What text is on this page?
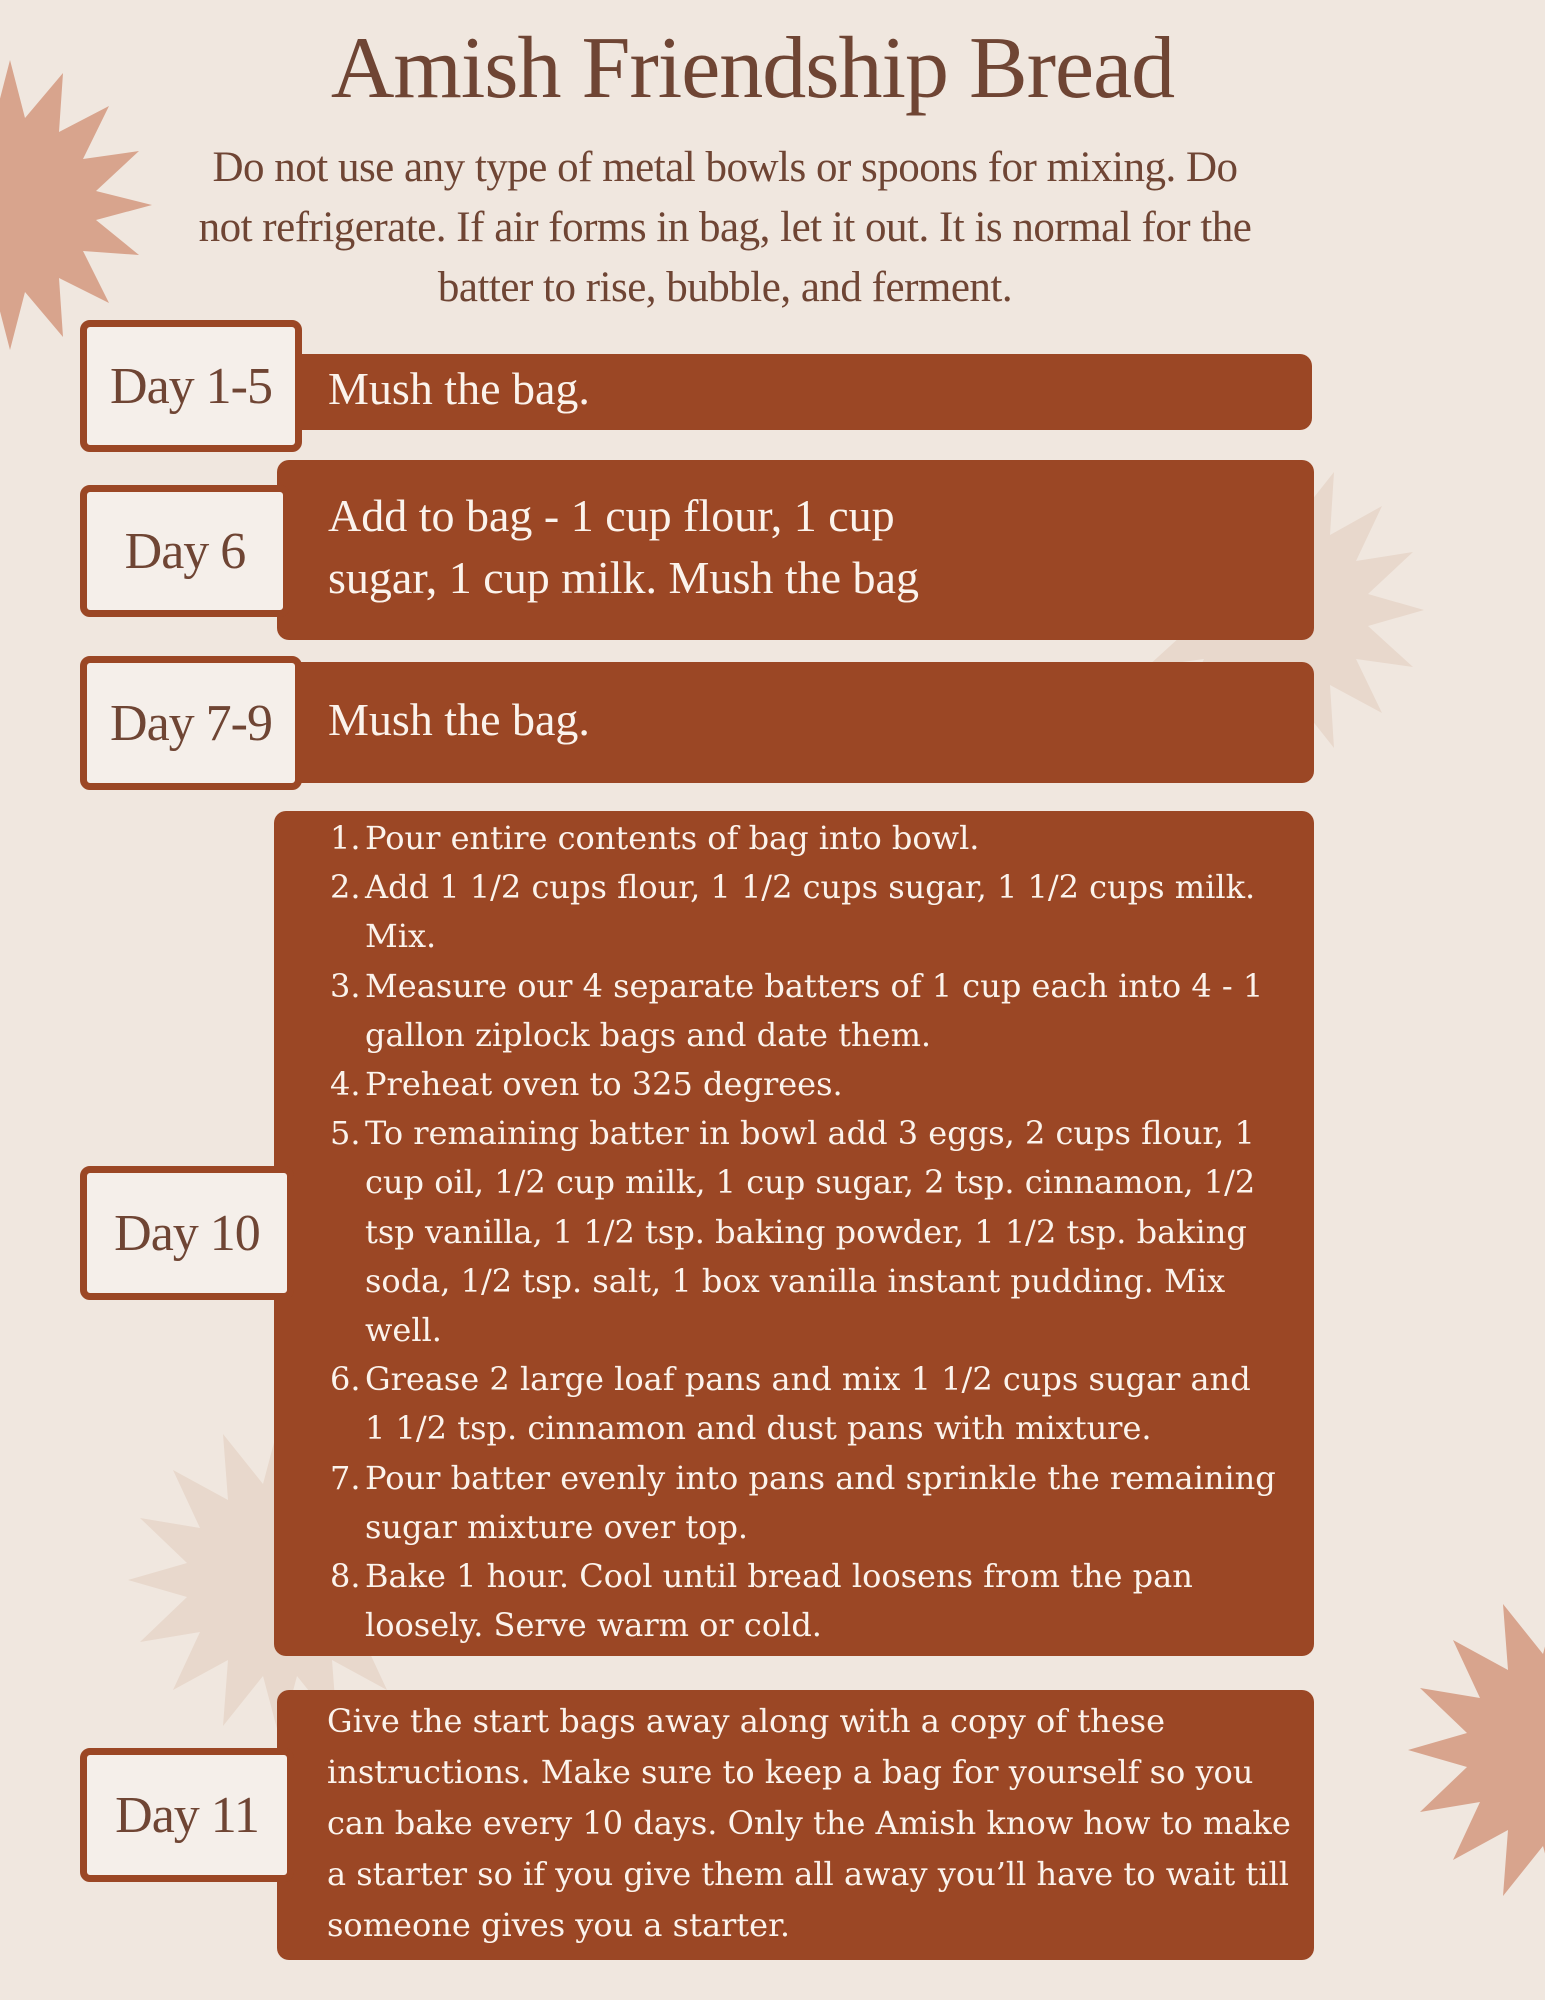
Amish Friendship Bread

Do not use any type of metal bowls or spoons for mixing. Do not refrigerate. If air forms in bag, let it out. It is normal for the batter to rise, bubble, and ferment.

Mush the bag.
Day 1-5
Add to bag - 1 cup flour, 1 cup
sugar, 1 cup milk. Mush the bag
Day 6
Mush the bag.
Day 7-9
1. Pour entire contents of bag into bowl.
2. Add 1 1/2 cups flour, 1 1/2 cups sugar, 1 1/2 cups milk. Mix.
3. Measure our 4 separate batters of 1 cup each into 4 - 1 gallon ziplock bags and date them.
4. Preheat oven to 325 degrees.
5. To remaining batter in bowl add 3 eggs, 2 cups flour, 1 cup oil, 1/2 cup milk, 1 cup sugar, 2 tsp. cinnamon, 1/2 tsp vanilla, 1 1/2 tsp. baking powder, 1 1/2 tsp. baking soda, 1/2 tsp. salt, 1 box vanilla instant pudding. Mix well.
6. Grease 2 large loaf pans and mix 1 1/2 cups sugar and 1 1/2 tsp. cinnamon and dust pans with mixture.
7. Pour batter evenly into pans and sprinkle the remaining sugar mixture over top.
8. Bake 1 hour. Cool until bread loosens from the pan loosely. Serve warm or cold.
Day 10

Give the start bags away along with a copy of these instructions. Make sure to keep a bag for yourself so you can bake every 10 days. Only the Amish know how to make a starter so if you give them all away you’ll have to wait till someone gives you a starter.

Day 11
